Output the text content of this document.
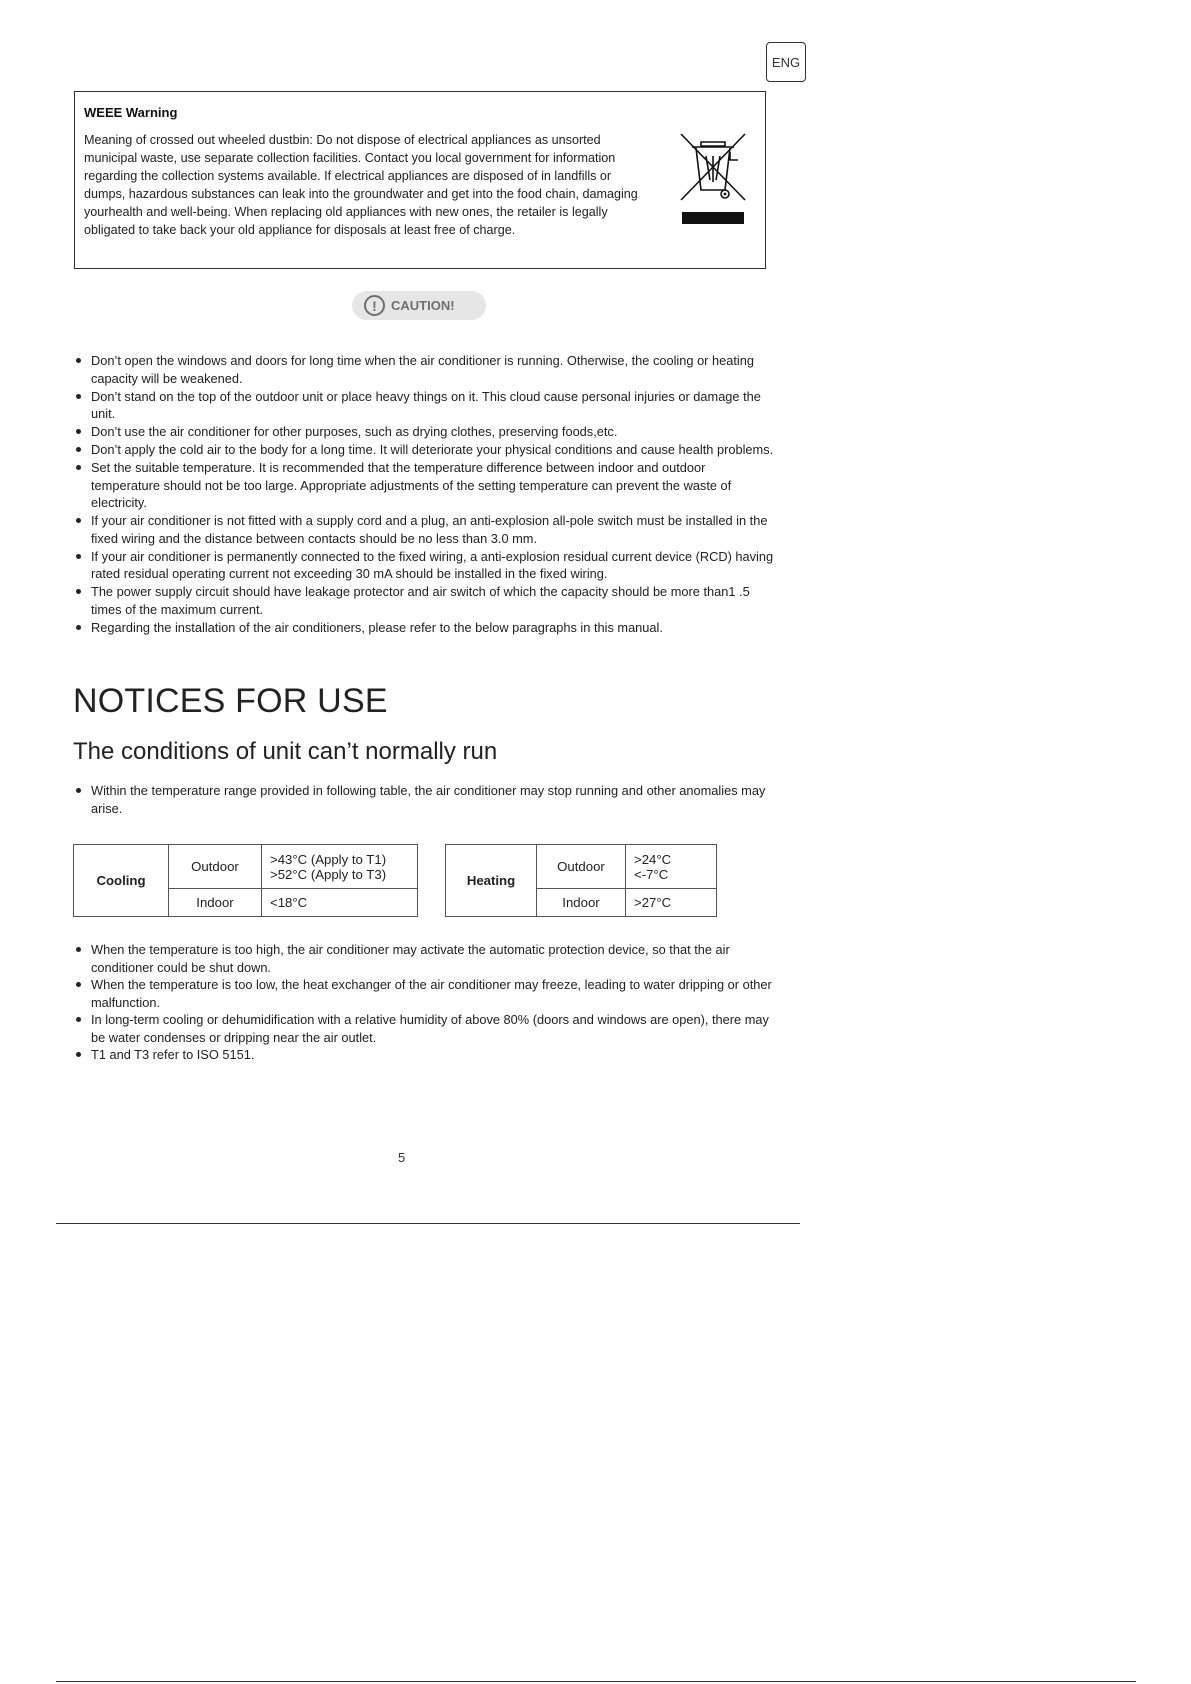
ENG
WEEE Warning
Meaning of crossed out wheeled dustbin: Do not dispose of electrical appliances as unsorted municipal waste, use separate collection facilities. Contact you local government for information regarding the collection systems available. If electrical appliances are disposed of in landfills or dumps, hazardous substances can leak into the groundwater and get into the food chain, damaging yourhealth and well-being. When replacing old appliances with new ones, the retailer is legally obligated to take back your old appliance for disposals at least free of charge.
!	CAUTION!
Don’t open the windows and doors for long time when the air conditioner is running. Otherwise, the cooling or heating capacity will be weakened.
Don’t stand on the top of the outdoor unit or place heavy things on it. This cloud cause personal injuries or damage the unit.
Don’t use the air conditioner for other purposes, such as drying clothes, preserving foods,etc.
Don’t apply the cold air to the body for a long time. It will deteriorate your physical conditions and cause health problems.
Set the suitable temperature. It is recommended that the temperature difference between indoor and outdoor temperature should not be too large. Appropriate adjustments of the setting temperature can prevent the waste of electricity.
If your air conditioner is not fitted with a supply cord and a plug, an anti-explosion all-pole switch must be installed in the fixed wiring and the distance between contacts should be no less than 3.0 mm.
If your air conditioner is permanently connected to the fixed wiring, a anti-explosion residual current device (RCD) having rated residual operating current not exceeding 30 mA should be installed in the fixed wiring.
The power supply circuit should have leakage protector and air switch of which the capacity should be more than1 .5 times of the maximum current.
Regarding the installation of the air conditioners, please refer to the below paragraphs in this manual.
NOTICES FOR USE
The conditions of unit can’t normally run
Within the temperature range provided in following table, the air conditioner may stop running and other anomalies may arise.
Cooling	Outdoor	>43°C (Apply to T1)
>52°C (Apply to T3)

	Indoor	<18°C
Heating	Outdoor	>24°C
<-7°C

	Indoor	>27°C
When the temperature is too high, the air conditioner may activate the automatic protection device, so that the air conditioner could be shut down.
When the temperature is too low, the heat exchanger of the air conditioner may freeze, leading to water dripping or other malfunction.
In long-term cooling or dehumidification with a relative humidity of above 80% (doors and windows are open), there may be water condenses or dripping near the air outlet.
T1 and T3 refer to ISO 5151.
5
